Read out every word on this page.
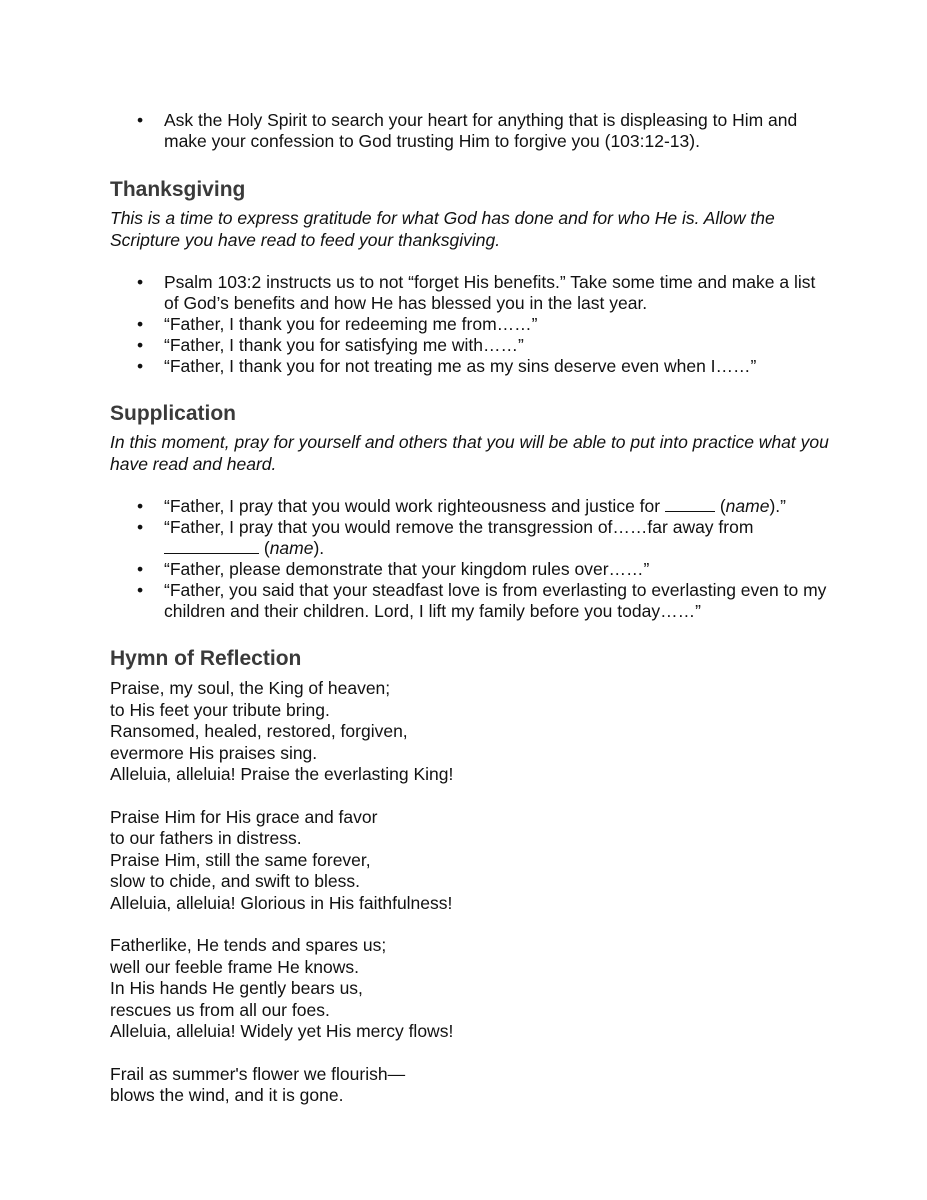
• Ask the Holy Spirit to search your heart for anything that is displeasing to Him and make your confession to God trusting Him to forgive you (103:12-13).
Thanksgiving

This is a time to express gratitude for what God has done and for who He is. Allow the Scripture you have read to feed your thanksgiving.

• Psalm 103:2 instructs us to not “forget His benefits.” Take some time and make a list of God’s benefits and how He has blessed you in the last year.
• “Father, I thank you for redeeming me from……”
• “Father, I thank you for satisfying me with……”
• “Father, I thank you for not treating me as my sins deserve even when I……”
Supplication

In this moment, pray for yourself and others that you will be able to put into practice what you have read and heard.

• “Father, I pray that you would work righteousness and justice for	(name).”
• “Father, I pray that you would remove the transgression of……far away from  (name).
• “Father, please demonstrate that your kingdom rules over……”
• “Father, you said that your steadfast love is from everlasting to everlasting even to my children and their children. Lord, I lift my family before you today……”
Hymn of Reflection
Praise, my soul, the King of heaven;
to His feet your tribute bring.
Ransomed, healed, restored, forgiven,
evermore His praises sing.
Alleluia, alleluia! Praise the everlasting King!
Praise Him for His grace and favor
to our fathers in distress.
Praise Him, still the same forever,
slow to chide, and swift to bless.
Alleluia, alleluia! Glorious in His faithfulness!
Fatherlike, He tends and spares us;
well our feeble frame He knows.
In His hands He gently bears us,
rescues us from all our foes.
Alleluia, alleluia! Widely yet His mercy flows!
Frail as summer's flower we flourish—
blows the wind, and it is gone.
